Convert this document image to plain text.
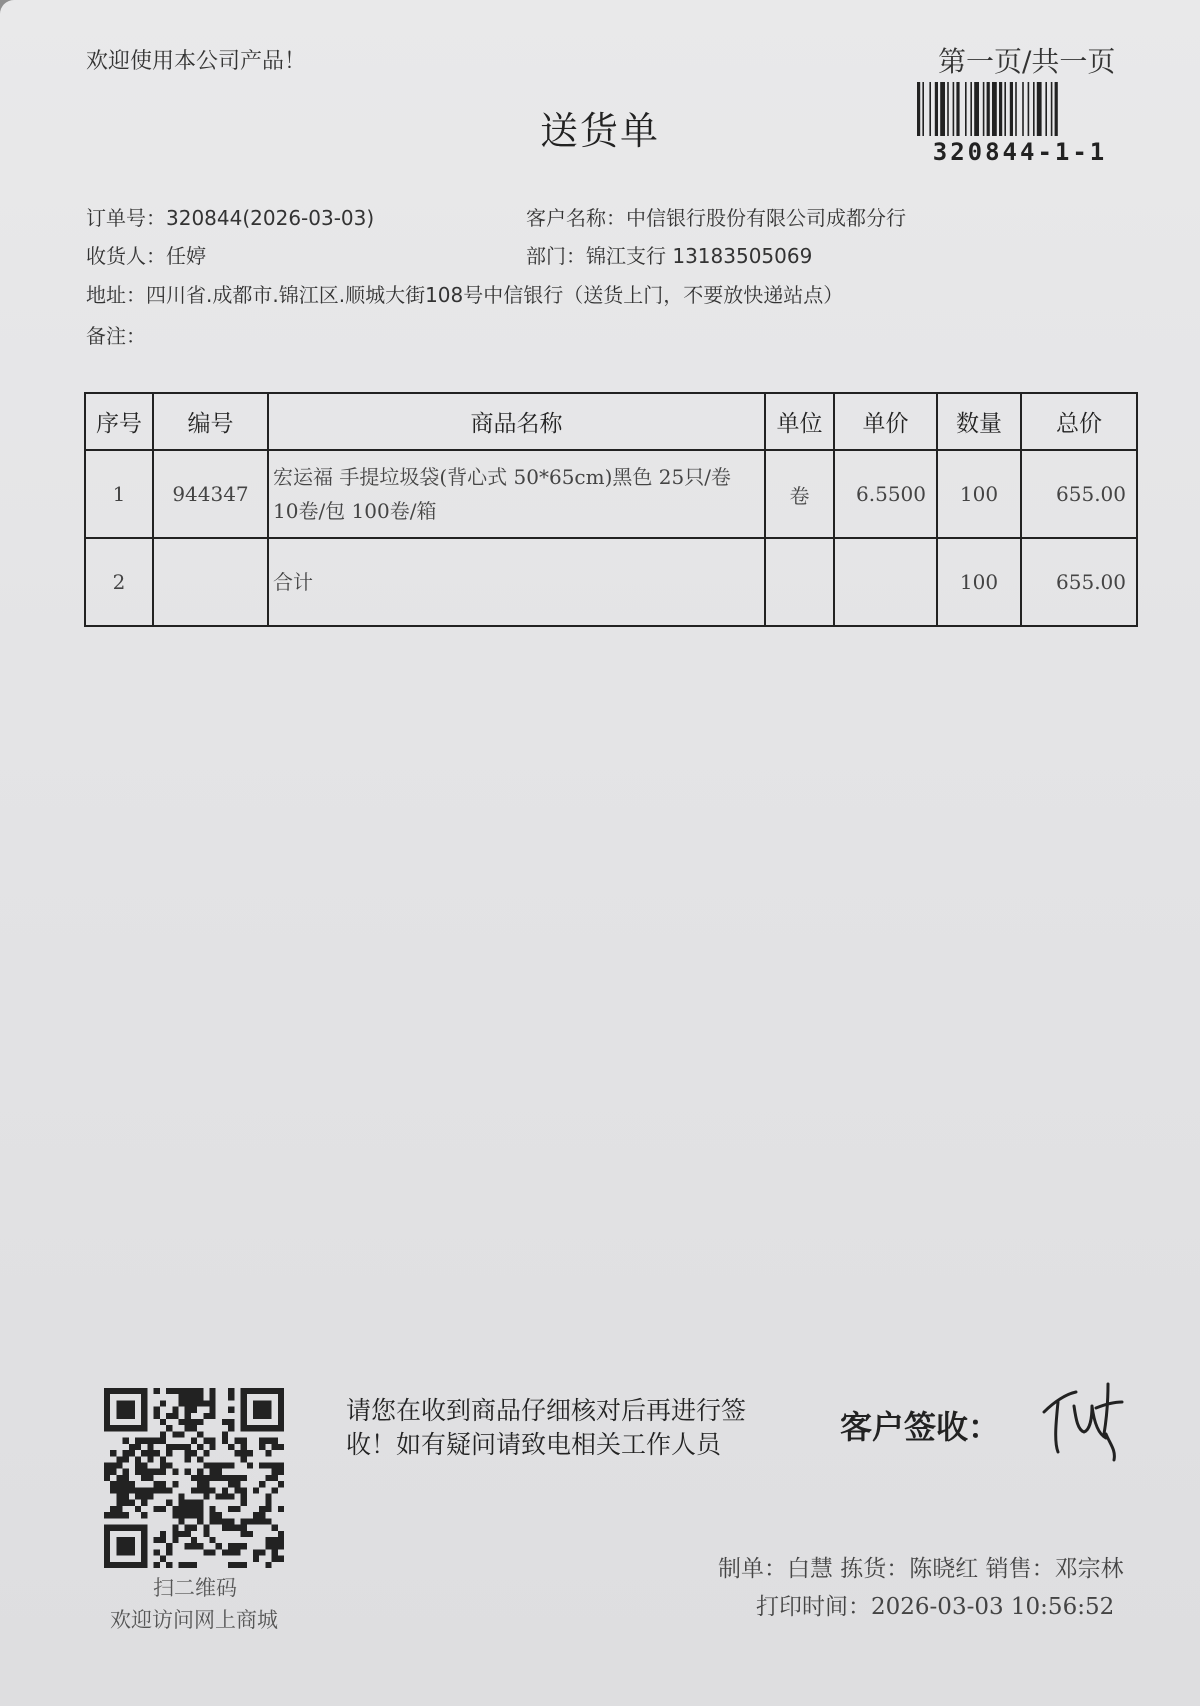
欢迎使用本公司产品！	第一页/共一页
送货单	320844-1-1
订单号：320844(2026-03-03)	客户名称：中信银行股份有限公司成都分行
收货人：任婷	部门：锦江支行 13183505069
地址：四川省.成都市.锦江区.顺城大街108号中信银行（送货上门，不要放快递站点）
备注：
序号	编号	商品名称	单位	单价	数量	总价
1	944347	宏运福 手提垃圾袋(背心式 50*65cm)黑色 25只/卷 10卷/包 100卷/箱	卷	6.5500	100	655.00
2		合计			100	655.00
扫二维码
欢迎访问网上商城
请您在收到商品仔细核对后再进行签收！如有疑问请致电相关工作人员	客户签收：
制单：白慧 拣货：陈晓红 销售：邓宗林
打印时间：2026-03-03 10:56:52
